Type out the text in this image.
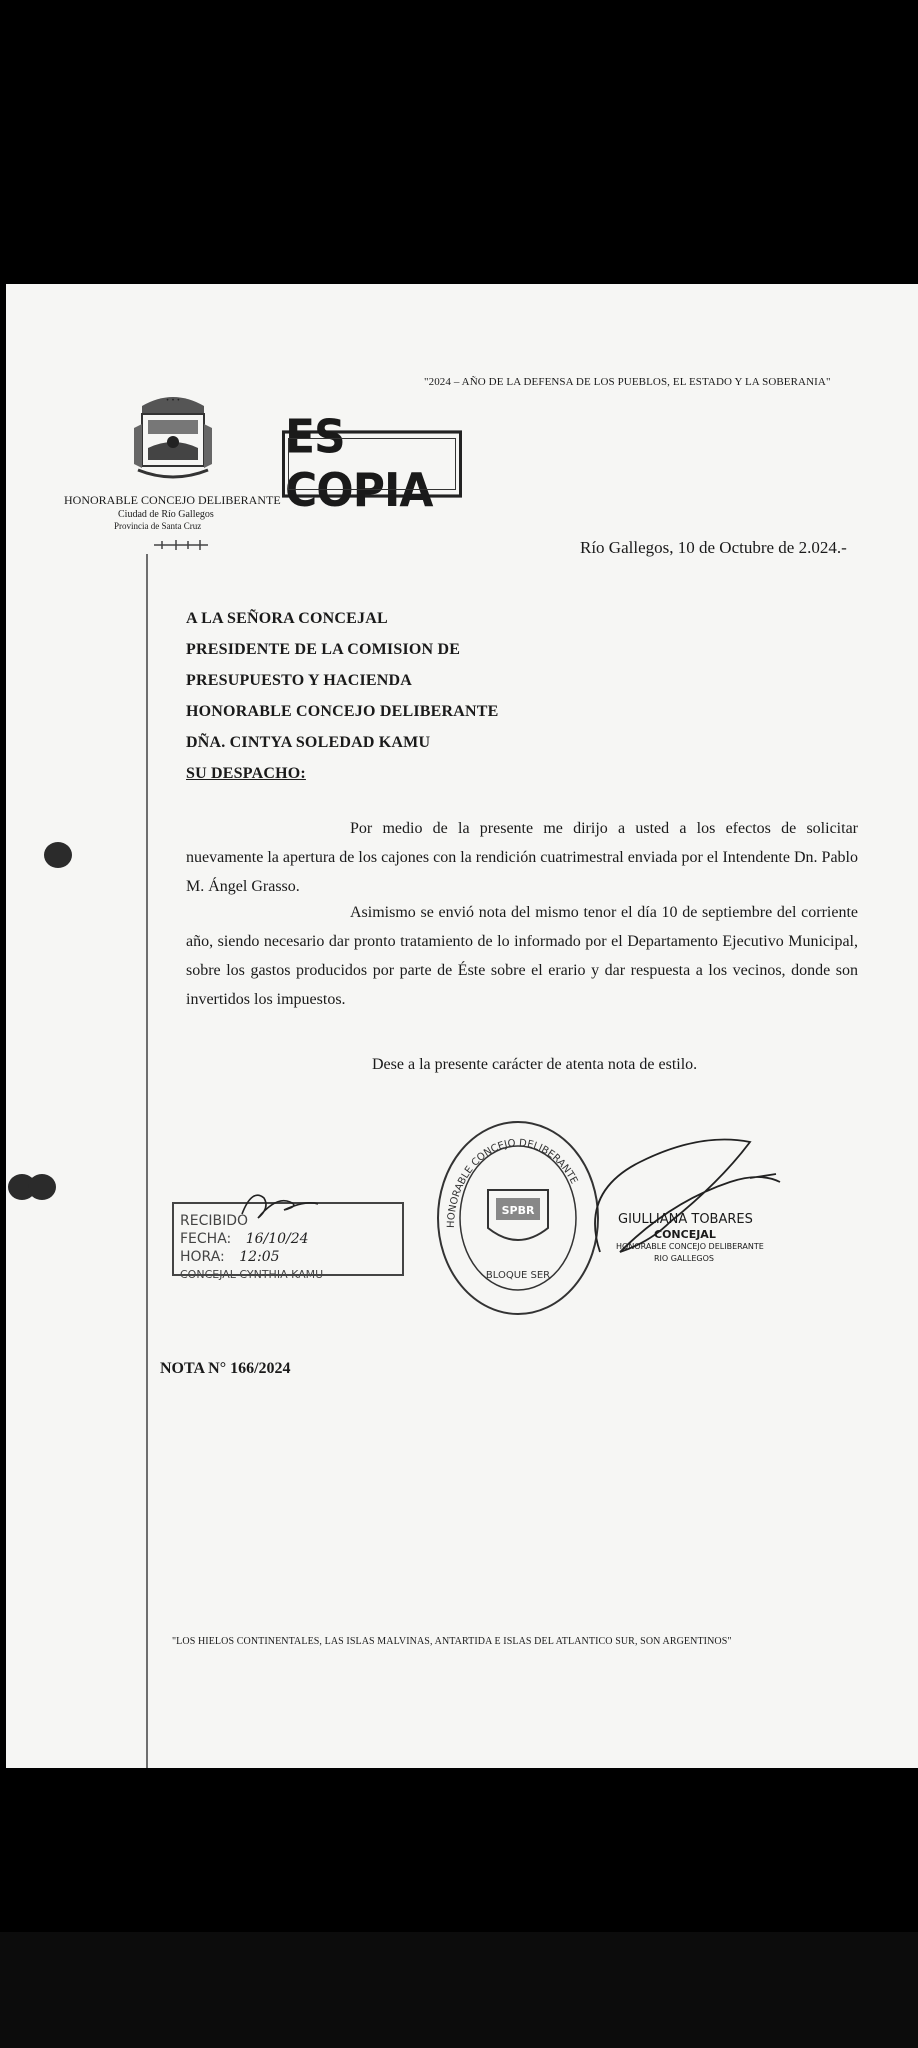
"2024 – AÑO DE LA DEFENSA DE LOS PUEBLOS, EL ESTADO Y LA SOBERANIA"
• • •
HONORABLE CONCEJO DELIBERANTE
Ciudad de Río Gallegos
Provincia de Santa Cruz
ES COPIA
Río Gallegos, 10 de Octubre de 2.024.-
A LA SEÑORA CONCEJAL
PRESIDENTE DE LA COMISION DE
PRESUPUESTO Y HACIENDA
HONORABLE CONCEJO DELIBERANTE
DÑA. CINTYA SOLEDAD KAMU
SU DESPACHO:
Por medio de la presente me dirijo a usted a los efectos de solicitar nuevamente la apertura de los cajones con la rendición cuatrimestral enviada por el Intendente Dn. Pablo M. Ángel Grasso.
Asimismo se envió nota del mismo tenor el día 10 de septiembre del corriente año, siendo necesario dar pronto tratamiento de lo informado por el Departamento Ejecutivo Municipal, sobre los gastos producidos por parte de Éste sobre el erario y dar respuesta a los vecinos, donde son invertidos los impuestos.
Dese a la presente carácter de atenta nota de estilo.
RECIBIDO
FECHA: 16/10/24
HORA: 12:05
CONCEJAL CYNTHIA KAMU
SPBR
HONORABLE CONCEJO DELIBERANTE
BLOQUE SER
GIULLIANA TOBARES
CONCEJAL
HONORABLE CONCEJO DELIBERANTE
RIO GALLEGOS
NOTA N° 166/2024
"LOS HIELOS CONTINENTALES, LAS ISLAS MALVINAS, ANTARTIDA E ISLAS DEL ATLANTICO SUR, SON ARGENTINOS"
